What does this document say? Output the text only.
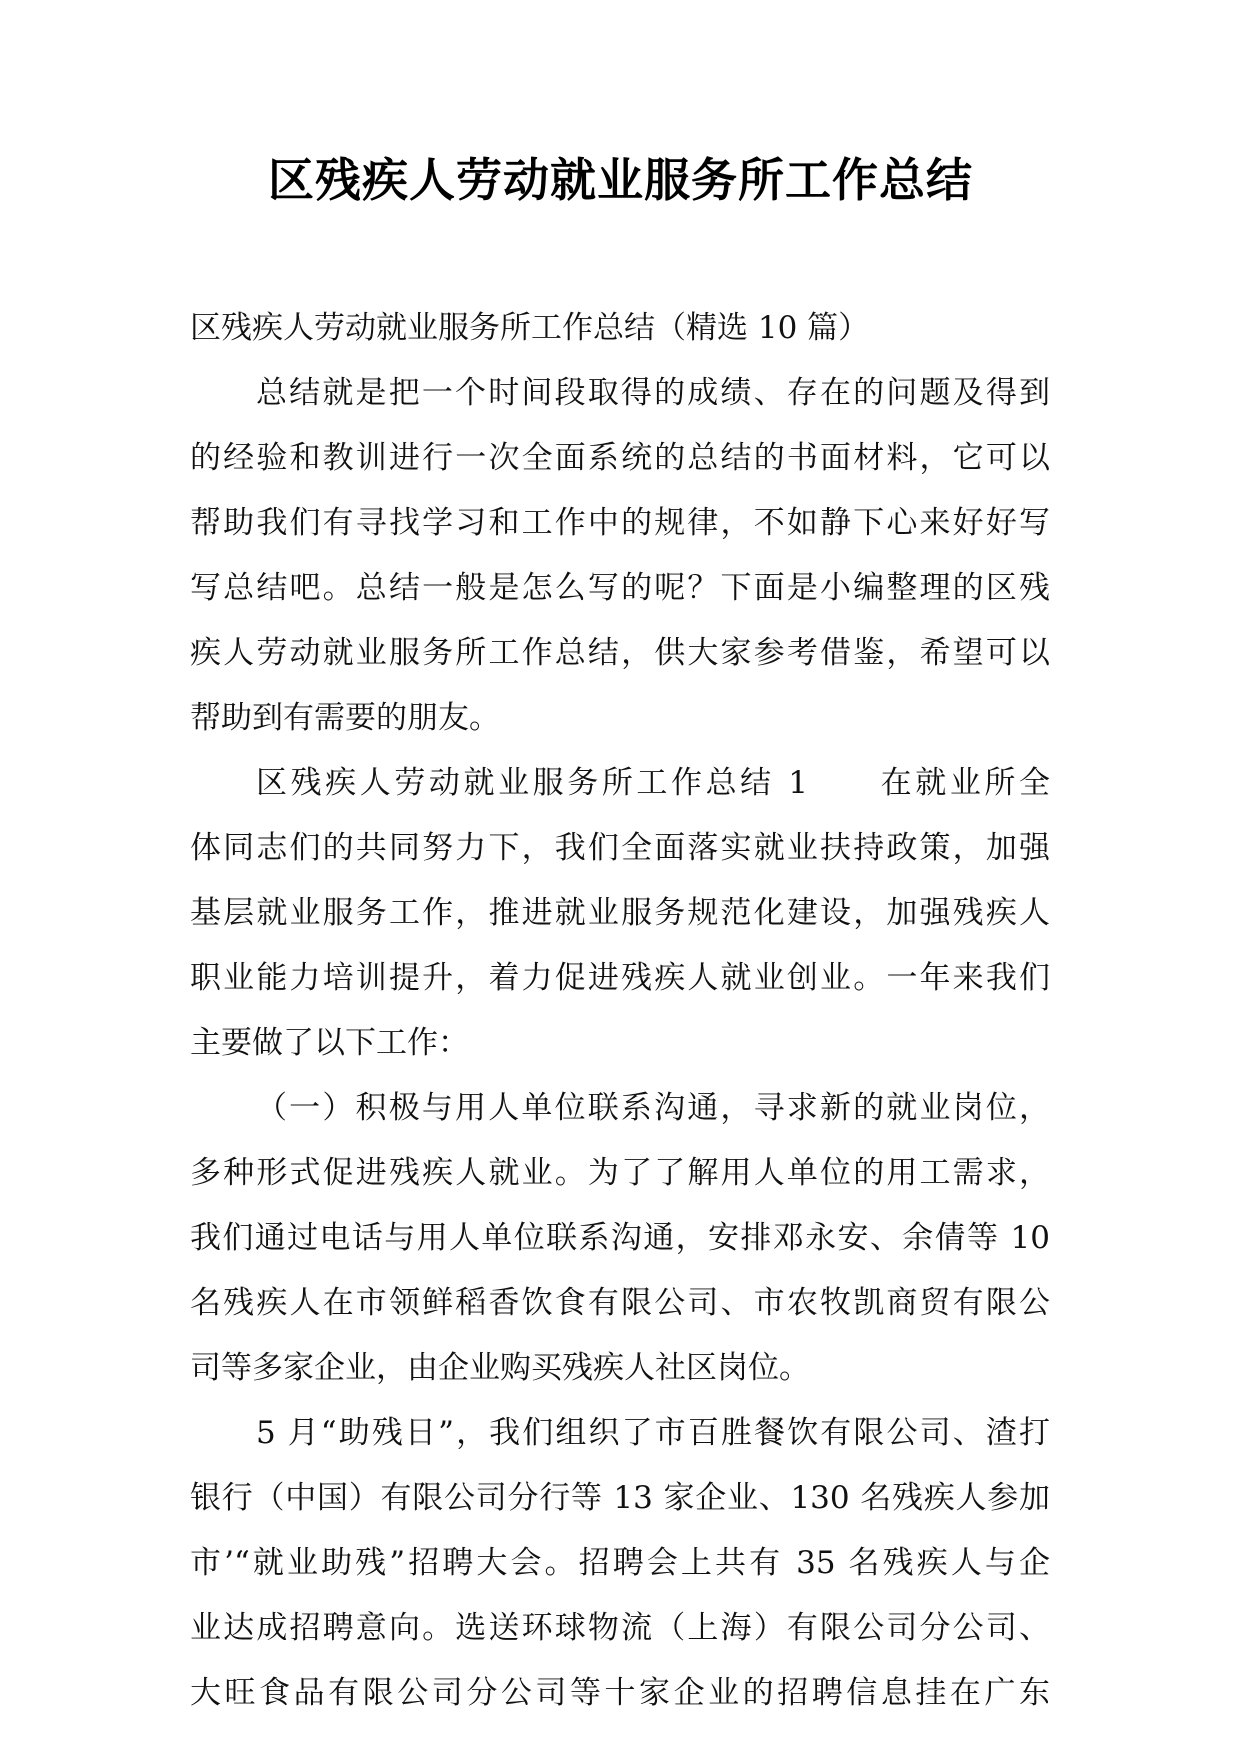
区残疾人劳动就业服务所工作总结
区残疾人劳动就业服务所工作总结（精选 10 篇）
总结就是把一个时间段取得的成绩、存在的问题及得到
的经验和教训进行一次全面系统的总结的书面材料，它可以
帮助我们有寻找学习和工作中的规律，不如静下心来好好写
写总结吧。总结一般是怎么写的呢？下面是小编整理的区残
疾人劳动就业服务所工作总结，供大家参考借鉴，希望可以
帮助到有需要的朋友。
区残疾人劳动就业服务所工作总结 1　　在就业所全
体同志们的共同努力下，我们全面落实就业扶持政策，加强
基层就业服务工作，推进就业服务规范化建设，加强残疾人
职业能力培训提升，着力促进残疾人就业创业。一年来我们
主要做了以下工作：
（一）积极与用人单位联系沟通，寻求新的就业岗位，
多种形式促进残疾人就业。为了了解用人单位的用工需求，
我们通过电话与用人单位联系沟通，安排邓永安、余倩等 10
名残疾人在市领鲜稻香饮食有限公司、市农牧凯商贸有限公
司等多家企业，由企业购买残疾人社区岗位。
5 月“助残日”，我们组织了市百胜餐饮有限公司、渣打
银行（中国）有限公司分行等 13 家企业、130 名残疾人参加
市’“就业助残”招聘大会。招聘会上共有 35 名残疾人与企
业达成招聘意向。选送环球物流（上海）有限公司分公司、
大旺食品有限公司分公司等十家企业的招聘信息挂在广东
